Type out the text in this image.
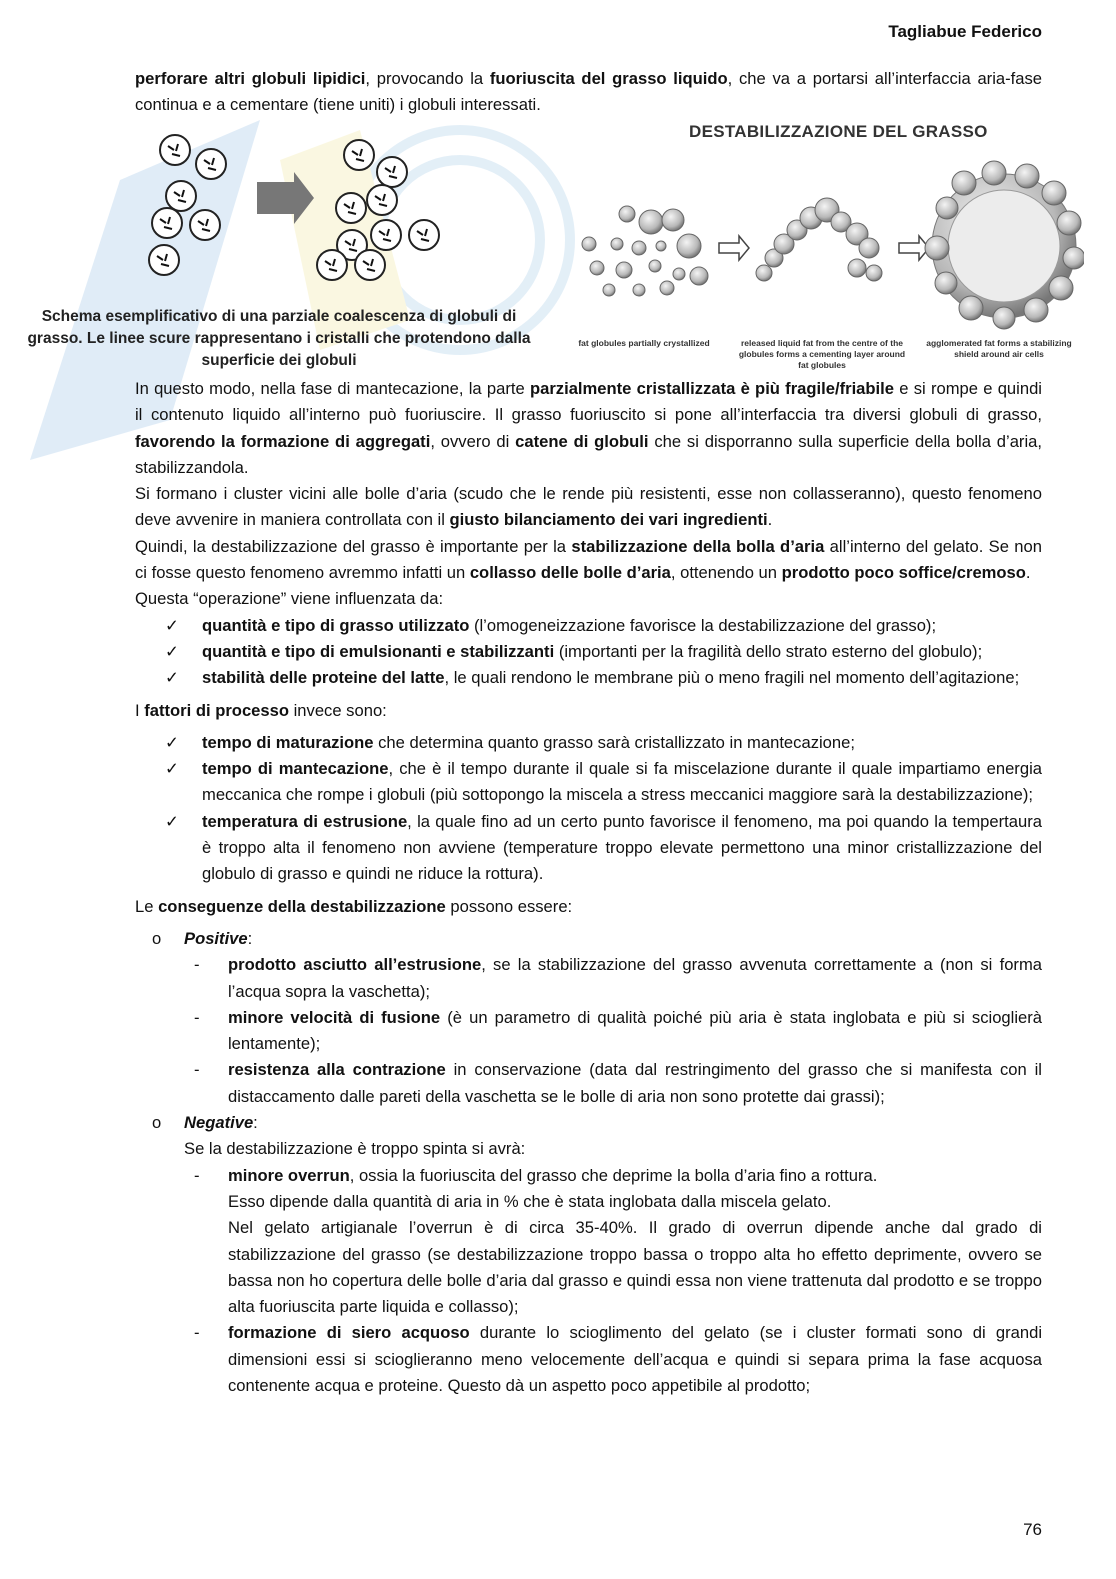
Tagliabue Federico

perforare altri globuli lipidici, provocando la fuoriuscita del grasso liquido, che va a portarsi all’interfaccia aria-fase continua e a cementare (tiene uniti) i globuli interessati.

Schema esemplificativo di una parziale coalescenza di globuli di grasso. Le linee scure rappresentano i cristalli che protendono dalla superficie dei globuli
DESTABILIZZAZIONE DEL GRASSO
fat globules partially crystallized	released liquid fat from the centre of the globules forms a cementing layer around fat globules
agglomerated fat forms a stabilizing shield around air cells

In questo modo, nella fase di mantecazione, la parte parzialmente cristallizzata è più fragile/friabile e si rompe e quindi il contenuto liquido all’interno può fuoriuscire. Il grasso fuoriuscito si pone all’interfaccia tra diversi globuli di grasso, favorendo la formazione di aggregati, ovvero di catene di globuli che si disporranno sulla superficie della bolla d’aria, stabilizzandola.

Si formano i cluster vicini alle bolle d’aria (scudo che le rende più resistenti, esse non collasseranno), questo fenomeno deve avvenire in maniera controllata con il giusto bilanciamento dei vari ingredienti.

Quindi, la destabilizzazione del grasso è importante per la stabilizzazione della bolla d’aria all’interno del gelato. Se non ci fosse questo fenomeno avremmo infatti un collasso delle bolle d’aria, ottenendo un prodotto poco soffice/cremoso.

Questa “operazione” viene influenzata da:

✓ quantità e tipo di grasso utilizzato (l’omogeneizzazione favorisce la destabilizzazione del grasso);
✓ quantità e tipo di emulsionanti e stabilizzanti (importanti per la fragilità dello strato esterno del globulo);
✓ stabilità delle proteine del latte, le quali rendono le membrane più o meno fragili nel momento dell’agitazione;

I fattori di processo invece sono:

✓ tempo di maturazione che determina quanto grasso sarà cristallizzato in mantecazione;
✓ tempo di mantecazione, che è il tempo durante il quale si fa miscelazione durante il quale impartiamo energia meccanica che rompe i globuli (più sottopongo la miscela a stress meccanici maggiore sarà la destabilizzazione);
✓ temperatura di estrusione, la quale fino ad un certo punto favorisce il fenomeno, ma poi quando la tempertaura è troppo alta il fenomeno non avviene (temperature troppo elevate permettono una minor cristallizzazione del globulo di grasso e quindi ne riduce la rottura).

Le conseguenze della destabilizzazione possono essere:

o Positive:
- prodotto asciutto all’estrusione, se la stabilizzazione del grasso avvenuta correttamente a (non si forma l’acqua sopra la vaschetta);
- minore velocità di fusione (è un parametro di qualità poiché più aria è stata inglobata e più si scioglierà lentamente);
- resistenza alla contrazione in conservazione (data dal restringimento del grasso che si manifesta con il distaccamento dalle pareti della vaschetta se le bolle di aria non sono protette dai grassi);
o Negative:
Se la destabilizzazione è troppo spinta si avrà:
- minore overrun, ossia la fuoriuscita del grasso che deprime la bolla d’aria fino a rottura.
Esso dipende dalla quantità di aria in % che è stata inglobata dalla miscela gelato.
Nel gelato artigianale l’overrun è di circa 35-40%. Il grado di overrun dipende anche dal grado di stabilizzazione del grasso (se destabilizzazione troppo bassa o troppo alta ho effetto deprimente, ovvero se bassa non ho copertura delle bolle d’aria dal grasso e quindi essa non viene trattenuta dal prodotto e se troppo alta fuoriuscita parte liquida e collasso);
- formazione di siero acquoso durante lo scioglimento del gelato (se i cluster formati sono di grandi dimensioni essi si scioglieranno meno velocemente dell’acqua e quindi si separa prima la fase acquosa contenente acqua e proteine. Questo dà un aspetto poco appetibile al prodotto;
76
